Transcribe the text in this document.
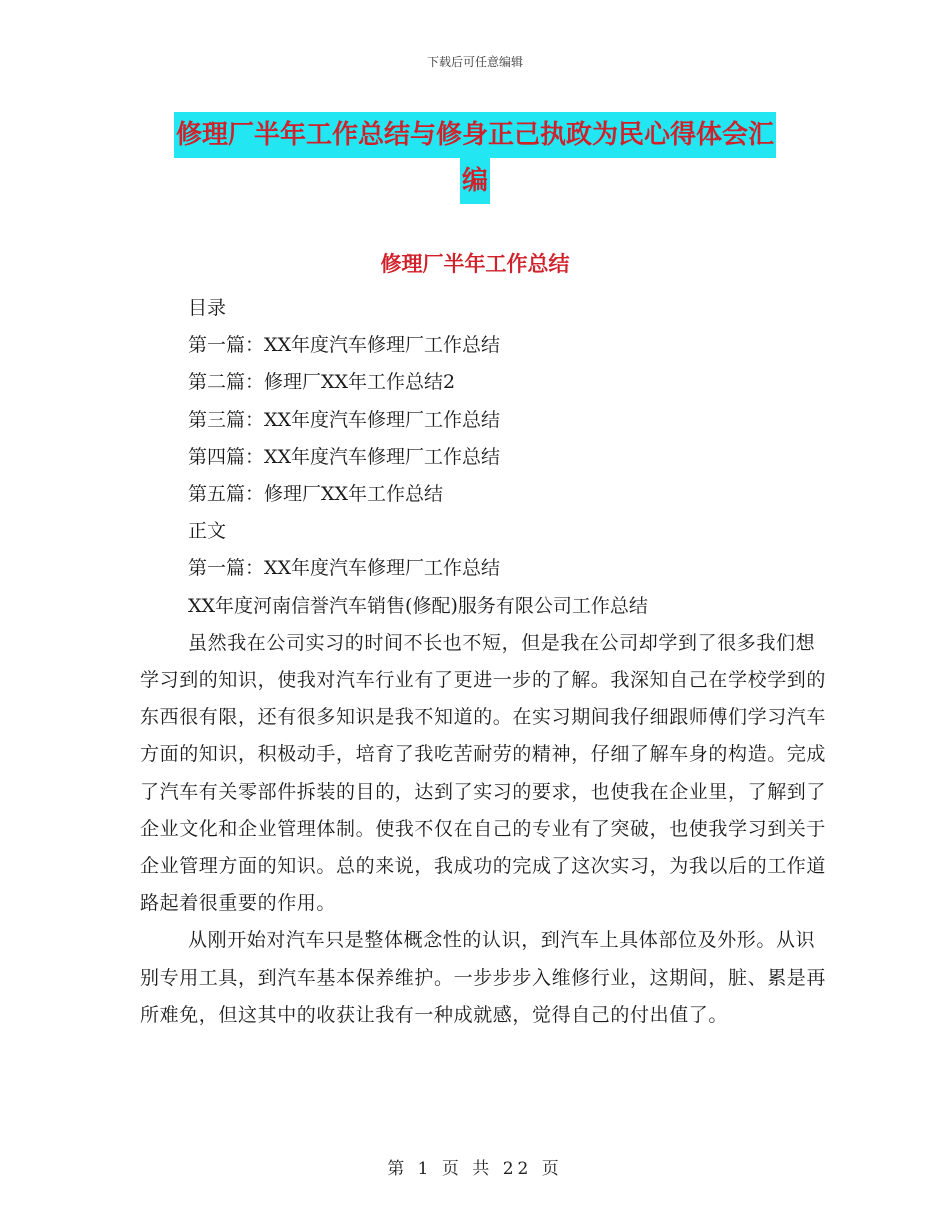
下载后可任意编辑
修理厂半年工作总结与修身正己执政为民心得体会汇
编
修理厂半年工作总结
目录
第一篇：XX年度汽车修理厂工作总结
第二篇：修理厂XX年工作总结2
第三篇：XX年度汽车修理厂工作总结
第四篇：XX年度汽车修理厂工作总结
第五篇：修理厂XX年工作总结
正文
第一篇：XX年度汽车修理厂工作总结
XX年度河南信誉汽车销售(修配)服务有限公司工作总结

虽然我在公司实习的时间不长也不短，但是我在公司却学到了很多我们想学习到的知识，使我对汽车行业有了更进一步的了解。我深知自己在学校学到的东西很有限，还有很多知识是我不知道的。在实习期间我仔细跟师傅们学习汽车方面的知识，积极动手，培育了我吃苦耐劳的精神，仔细了解车身的构造。完成了汽车有关零部件拆装的目的，达到了实习的要求，也使我在企业里，了解到了企业文化和企业管理体制。使我不仅在自己的专业有了突破，也使我学习到关于企业管理方面的知识。总的来说，我成功的完成了这次实习，为我以后的工作道路起着很重要的作用。

从刚开始对汽车只是整体概念性的认识，到汽车上具体部位及外形。从识别专用工具，到汽车基本保养维护。一步步步入维修行业，这期间，脏、累是再所难免，但这其中的收获让我有一种成就感，觉得自己的付出值了。

第 1 页 共 22 页
